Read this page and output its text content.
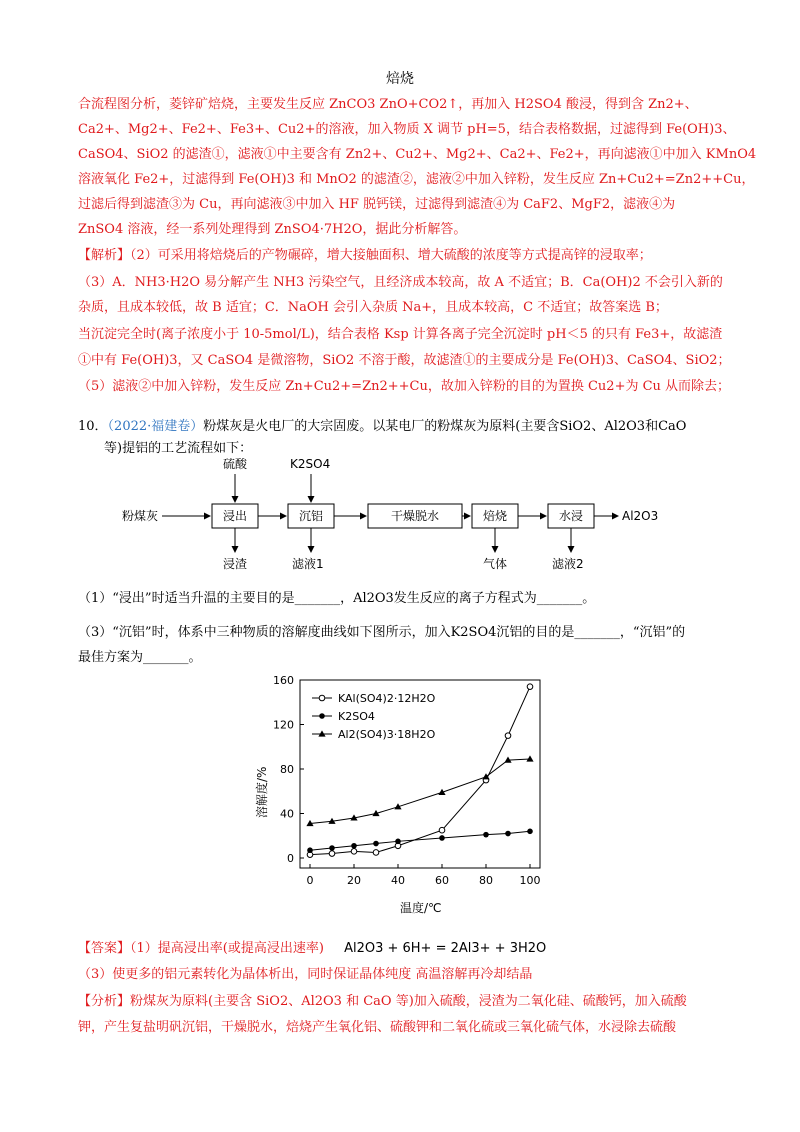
焙烧
合流程图分析，菱锌矿焙烧，主要发生反应 ZnCO3 ZnO+CO2↑，再加入 H2SO4 酸浸，得到含 Zn2+、
Ca2+、Mg2+、Fe2+、Fe3+、Cu2+的溶液，加入物质 X 调节 pH=5，结合表格数据，过滤得到 Fe(OH)3、
CaSO4、SiO2 的滤渣①，滤液①中主要含有 Zn2+、Cu2+、Mg2+、Ca2+、Fe2+，再向滤液①中加入 KMnO4
溶液氧化 Fe2+，过滤得到 Fe(OH)3 和 MnO2 的滤渣②，滤液②中加入锌粉，发生反应 Zn+Cu2+=Zn2++Cu，
过滤后得到滤渣③为 Cu，再向滤液③中加入 HF 脱钙镁，过滤得到滤渣④为 CaF2、MgF2，滤液④为
ZnSO4 溶液，经一系列处理得到 ZnSO4·7H2O，据此分析解答。
【解析】（2）可采用将焙烧后的产物碾碎，增大接触面积、增大硫酸的浓度等方式提高锌的浸取率；
（3）A．NH3·H2O 易分解产生 NH3 污染空气，且经济成本较高，故 A 不适宜；B．Ca(OH)2 不会引入新的
杂质，且成本较低，故 B 适宜；C．NaOH 会引入杂质 Na+，且成本较高，C 不适宜；故答案选 B；
当沉淀完全时(离子浓度小于 10-5mol/L)，结合表格 Ksp 计算各离子完全沉淀时 pH＜5 的只有 Fe3+，故滤渣
①中有 Fe(OH)3，又 CaSO4 是微溶物，SiO2 不溶于酸，故滤渣①的主要成分是 Fe(OH)3、CaSO4、SiO2；
（5）滤液②中加入锌粉，发生反应 Zn+Cu2+=Zn2++Cu，故加入锌粉的目的为置换 Cu2+为 Cu 从而除去；
10．（2022·福建卷）粉煤灰是火电厂的大宗固废。以某电厂的粉煤灰为原料(主要含SiO2、Al2O3和CaO
等)提铝的工艺流程如下：
粉煤灰	浸出	沉铝	干燥脱水	焙烧	水浸	Al2O3
硫酸	K2SO4
浸渣	滤液1	气体	滤液2
（1）“浸出”时适当升温的主要目的是_______，Al2O3发生反应的离子方程式为_______。
（3）“沉铝”时，体系中三种物质的溶解度曲线如下图所示，加入K2SO4沉铝的目的是_______，“沉铝”的
最佳方案为_______。
0	20	40	60	80 100
0
40
80
120
160
KAl(SO4)2·12H2O
K2SO4
Al2(SO4)3·18H2O
溶解度/%
温度/℃
【答案】（1）提高浸出率(或提高浸出速率) Al2O3 + 6H+ = 2Al3+ + 3H2O
（3）使更多的铝元素转化为晶体析出，同时保证晶体纯度 高温溶解再冷却结晶
【分析】粉煤灰为原料(主要含 SiO2、Al2O3 和 CaO 等)加入硫酸，浸渣为二氧化硅、硫酸钙，加入硫酸
钾，产生复盐明矾沉铝，干燥脱水，焙烧产生氧化铝、硫酸钾和二氧化硫或三氧化硫气体，水浸除去硫酸
